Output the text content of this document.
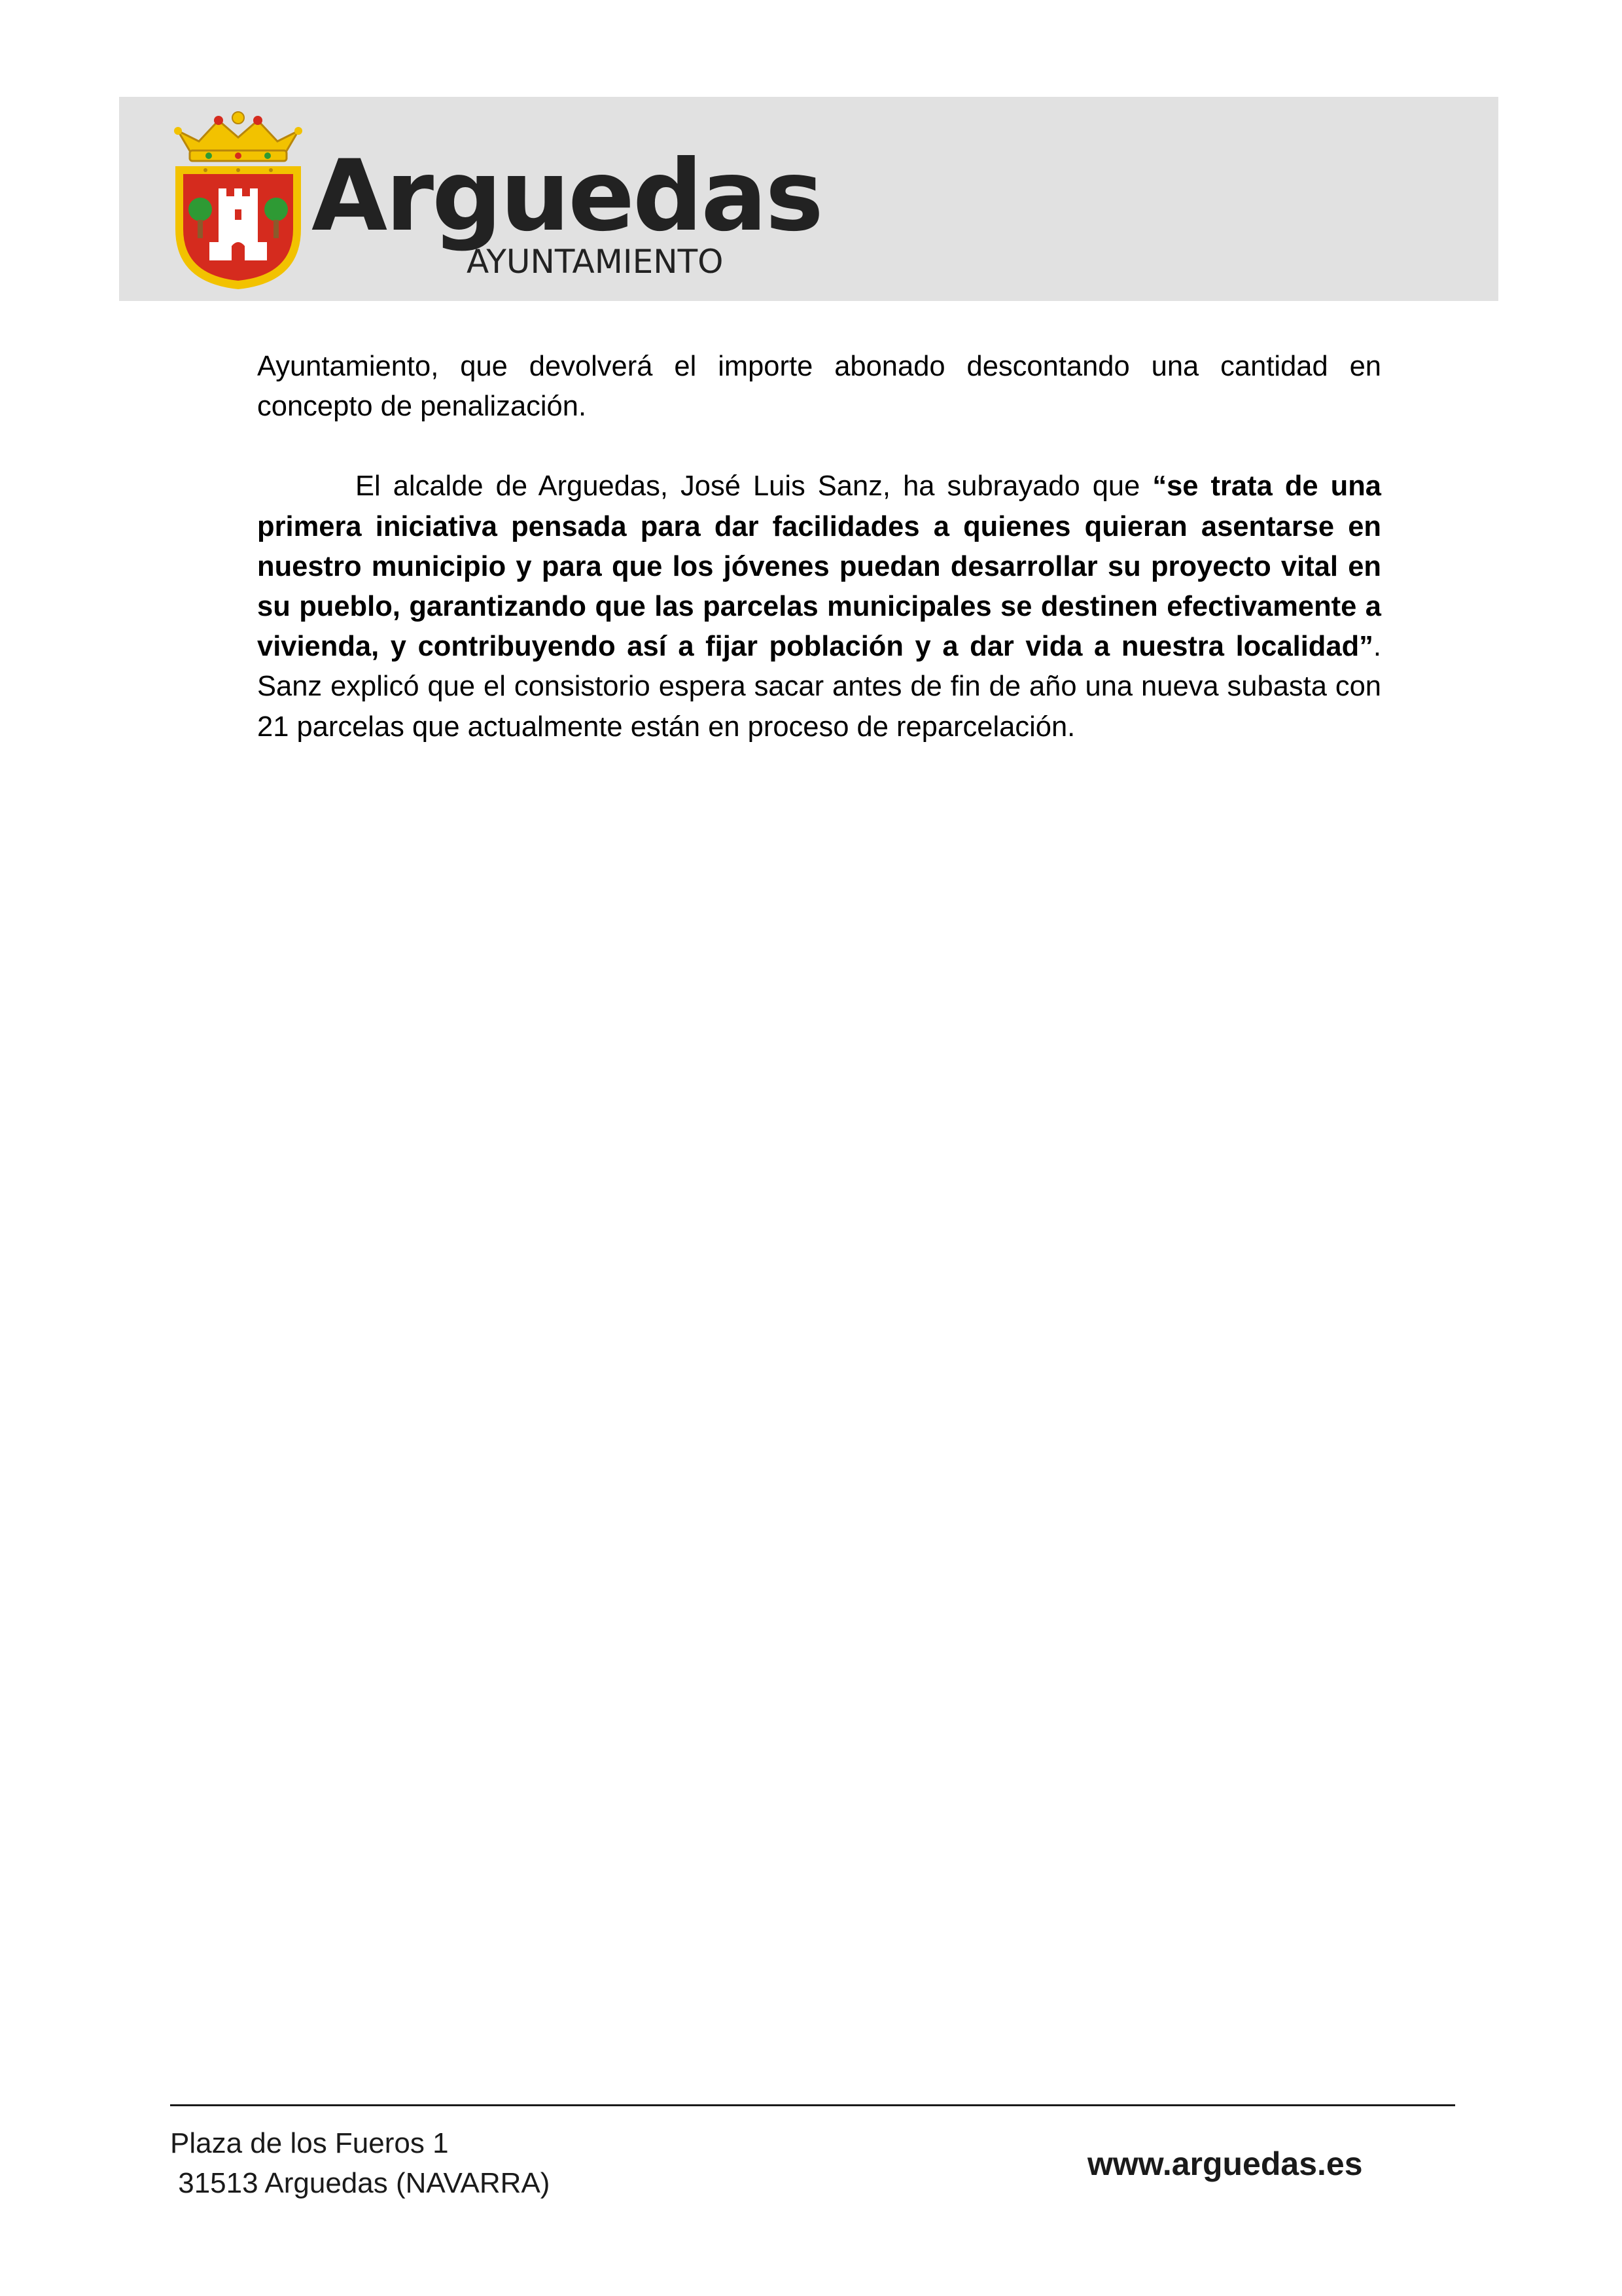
Arguedas
AYUNTAMIENTO

Ayuntamiento, que devolverá el importe abonado descontando una cantidad en concepto de penalización.

El alcalde de Arguedas, José Luis Sanz, ha subrayado que “se trata de una primera iniciativa pensada para dar facilidades a quienes quieran asentarse en nuestro municipio y para que los jóvenes puedan desarrollar su proyecto vital en su pueblo, garantizando que las parcelas municipales se destinen efectivamente a vivienda, y contribuyendo así a fijar población y a dar vida a nuestra localidad”. Sanz explicó que el consistorio espera sacar antes de fin de año una nueva subasta con 21 parcelas que actualmente están en proceso de reparcelación.

Plaza de los Fueros 1
31513 Arguedas (NAVARRA)
www.arguedas.es
